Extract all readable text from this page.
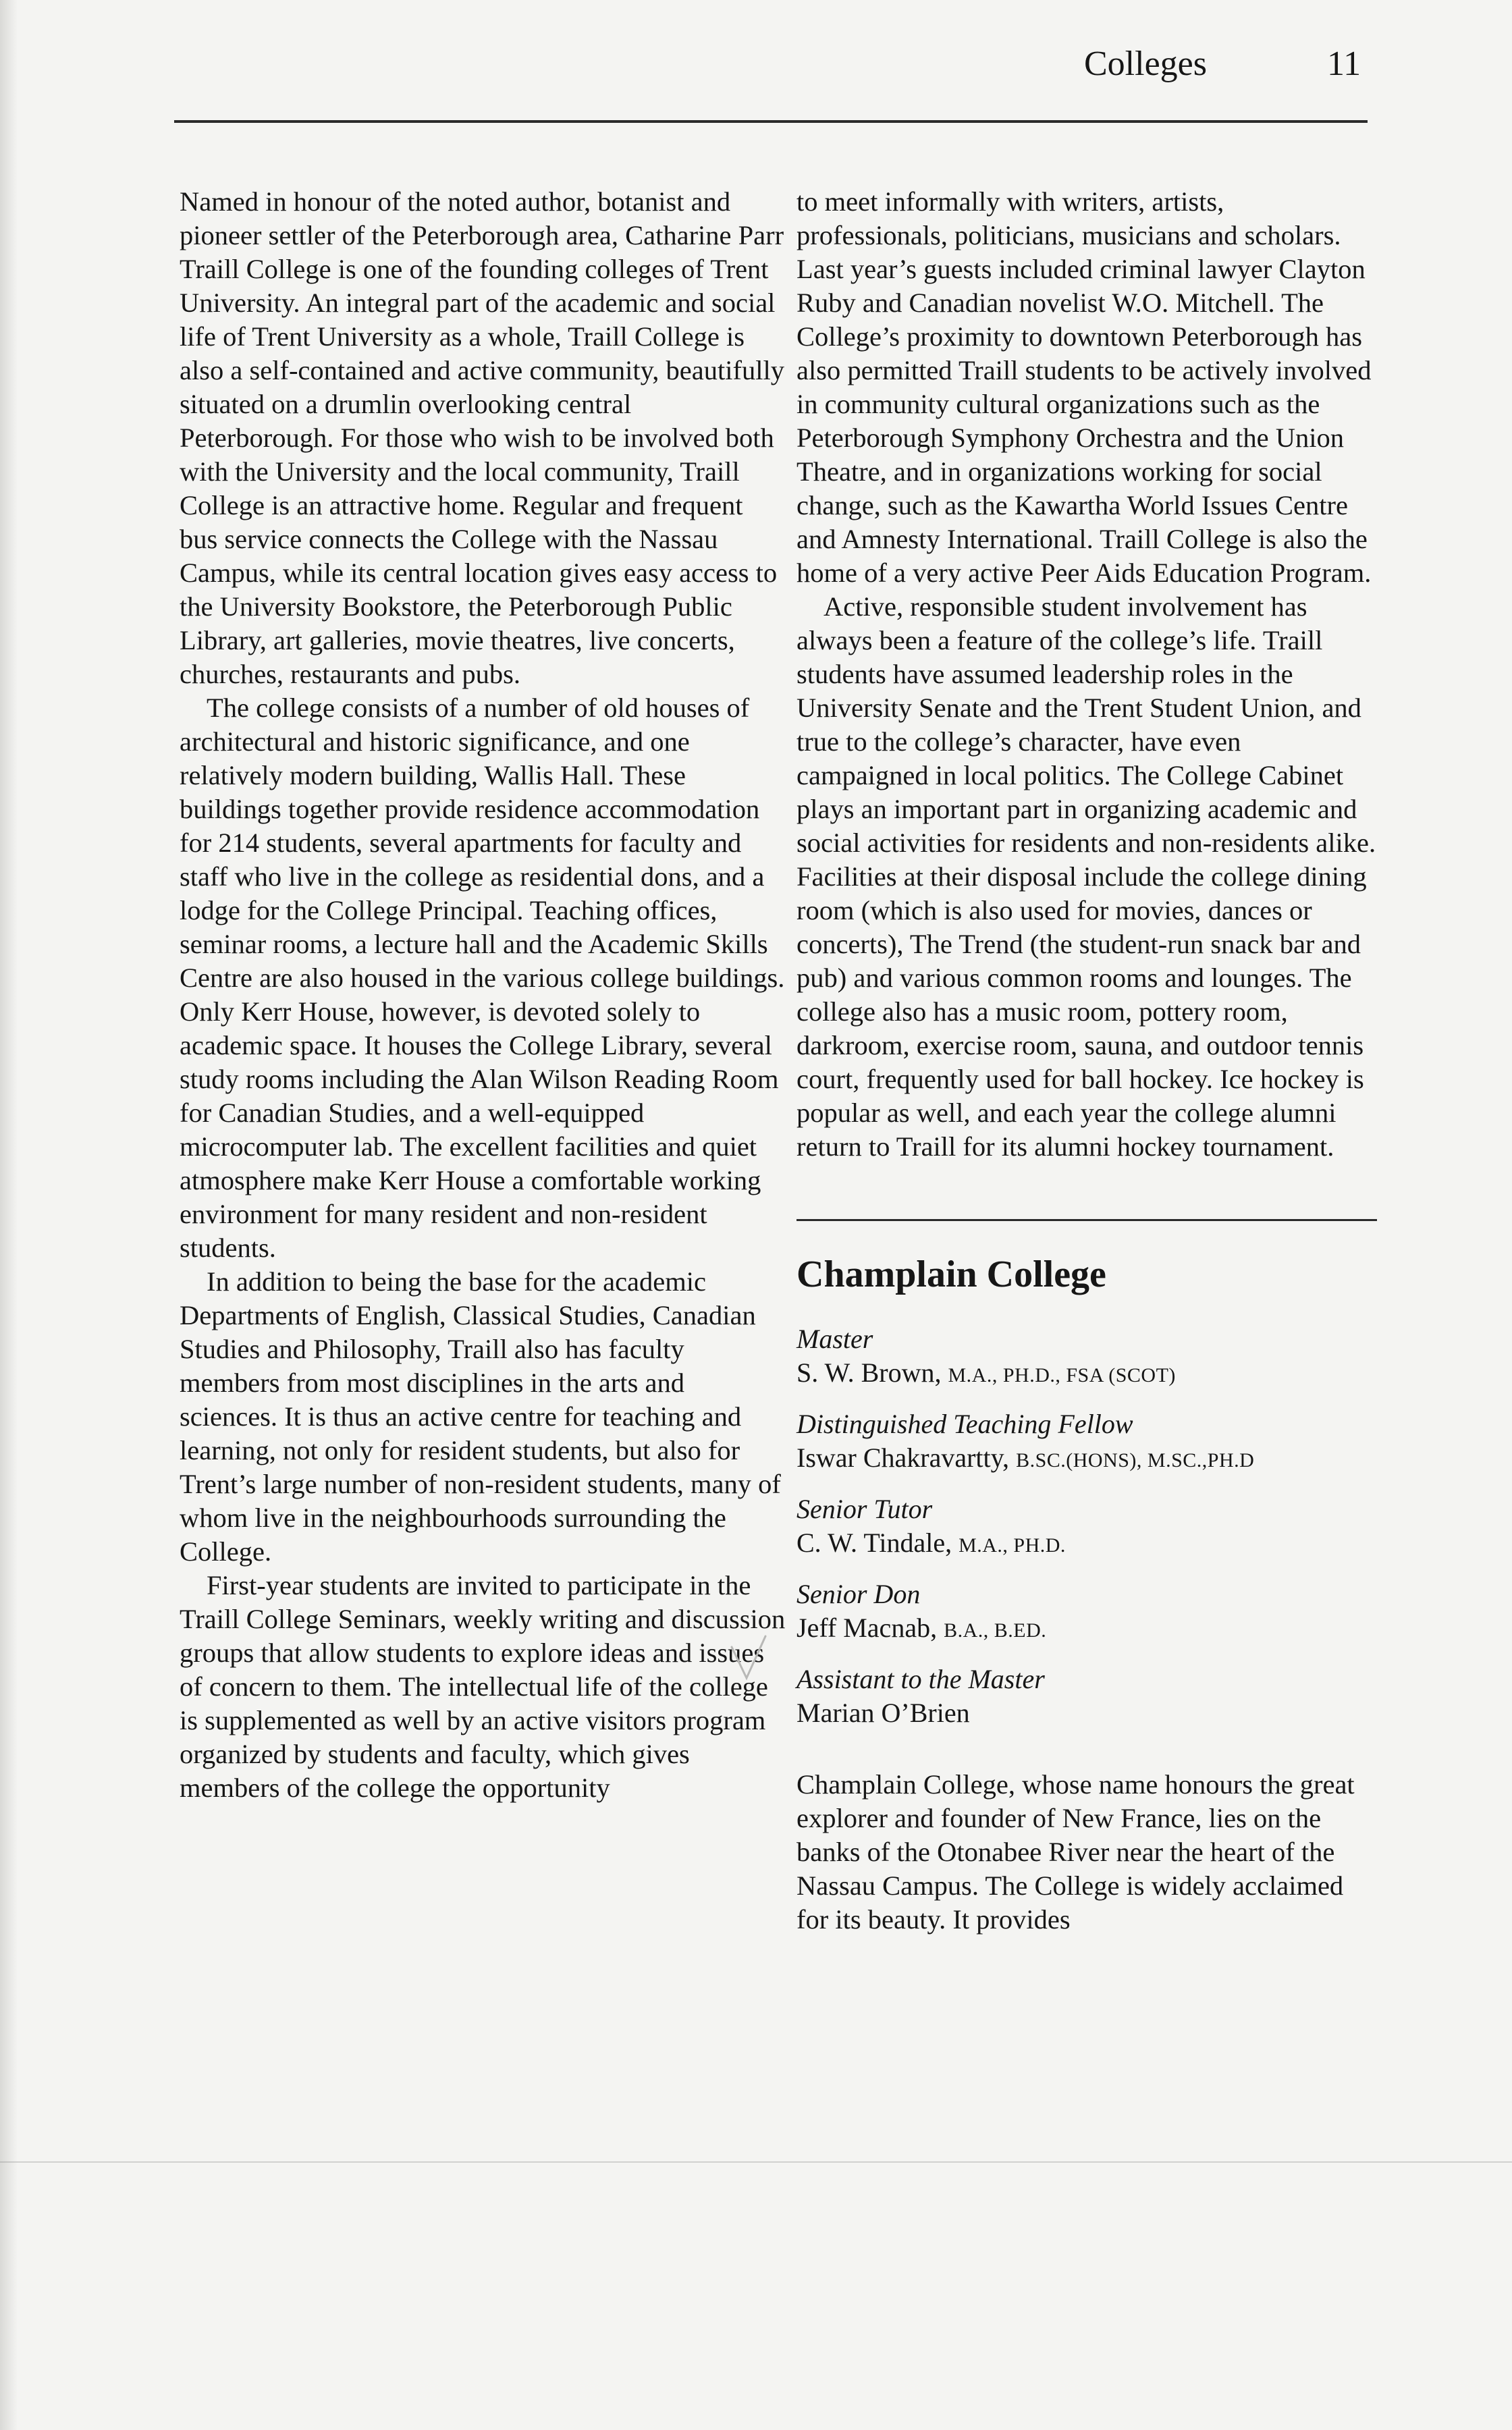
Colleges	11

Named in honour of the noted author, botanist and pioneer settler of the Peterborough area, Catharine Parr Traill College is one of the founding colleges of Trent University. An integral part of the academic and social life of Trent University as a whole, Traill College is also a self-contained and active community, beautifully situated on a drumlin overlooking central Peterborough. For those who wish to be involved both with the University and the local community, Traill College is an attractive home. Regular and frequent bus service connects the College with the Nassau Campus, while its central location gives easy access to the University Bookstore, the Peterborough Public Library, art galleries, movie theatres, live concerts, churches, restaurants and pubs.

The college consists of a number of old houses of architectural and historic significance, and one relatively modern building, Wallis Hall. These buildings together provide residence accommodation for 214 students, several apartments for faculty and staff who live in the college as residential dons, and a lodge for the College Principal. Teaching offices, seminar rooms, a lecture hall and the Academic Skills Centre are also housed in the various college buildings. Only Kerr House, however, is devoted solely to academic space. It houses the College Library, several study rooms including the Alan Wilson Reading Room for Canadian Studies, and a well-equipped microcomputer lab. The excellent facilities and quiet atmosphere make Kerr House a comfortable working environment for many resident and non-resident students.

In addition to being the base for the academic Departments of English, Classical Studies, Canadian Studies and Philosophy, Traill also has faculty members from most disciplines in the arts and sciences. It is thus an active centre for teaching and learning, not only for resident students, but also for Trent’s large number of non-resident students, many of whom live in the neighbourhoods surrounding the College.

First-year students are invited to participate in the Traill College Seminars, weekly writing and discussion groups that allow students to explore ideas and issues of concern to them. The intellectual life of the college is supplemented as well by an active visitors program organized by students and faculty, which gives members of the college the opportunity

to meet informally with writers, artists, professionals, politicians, musicians and scholars. Last year’s guests included criminal lawyer Clayton Ruby and Canadian novelist W.O. Mitchell. The College’s proximity to downtown Peterborough has also permitted Traill students to be actively involved in community cultural organizations such as the Peterborough Symphony Orchestra and the Union Theatre, and in organizations working for social change, such as the Kawartha World Issues Centre and Amnesty International. Traill College is also the home of a very active Peer Aids Education Program.

Active, responsible student involvement has always been a feature of the college’s life. Traill students have assumed leadership roles in the University Senate and the Trent Student Union, and true to the college’s character, have even campaigned in local politics. The College Cabinet plays an important part in organizing academic and social activities for residents and non-residents alike. Facilities at their disposal include the college dining room (which is also used for movies, dances or concerts), The Trend (the student-run snack bar and pub) and various common rooms and lounges. The college also has a music room, pottery room, darkroom, exercise room, sauna, and outdoor tennis court, frequently used for ball hockey. Ice hockey is popular as well, and each year the college alumni return to Traill for its alumni hockey tournament.

Champlain College
Master
S. W. Brown, M.A., PH.D., FSA (SCOT)
Distinguished Teaching Fellow
Iswar Chakravartty, B.SC.(HONS), M.SC.,PH.D
Senior Tutor
C. W. Tindale, M.A., PH.D.
Senior Don
Jeff Macnab, B.A., B.ED.
Assistant to the Master
Marian O’Brien

Champlain College, whose name honours the great explorer and founder of New France, lies on the banks of the Otonabee River near the heart of the Nassau Campus. The College is widely acclaimed for its beauty. It provides
